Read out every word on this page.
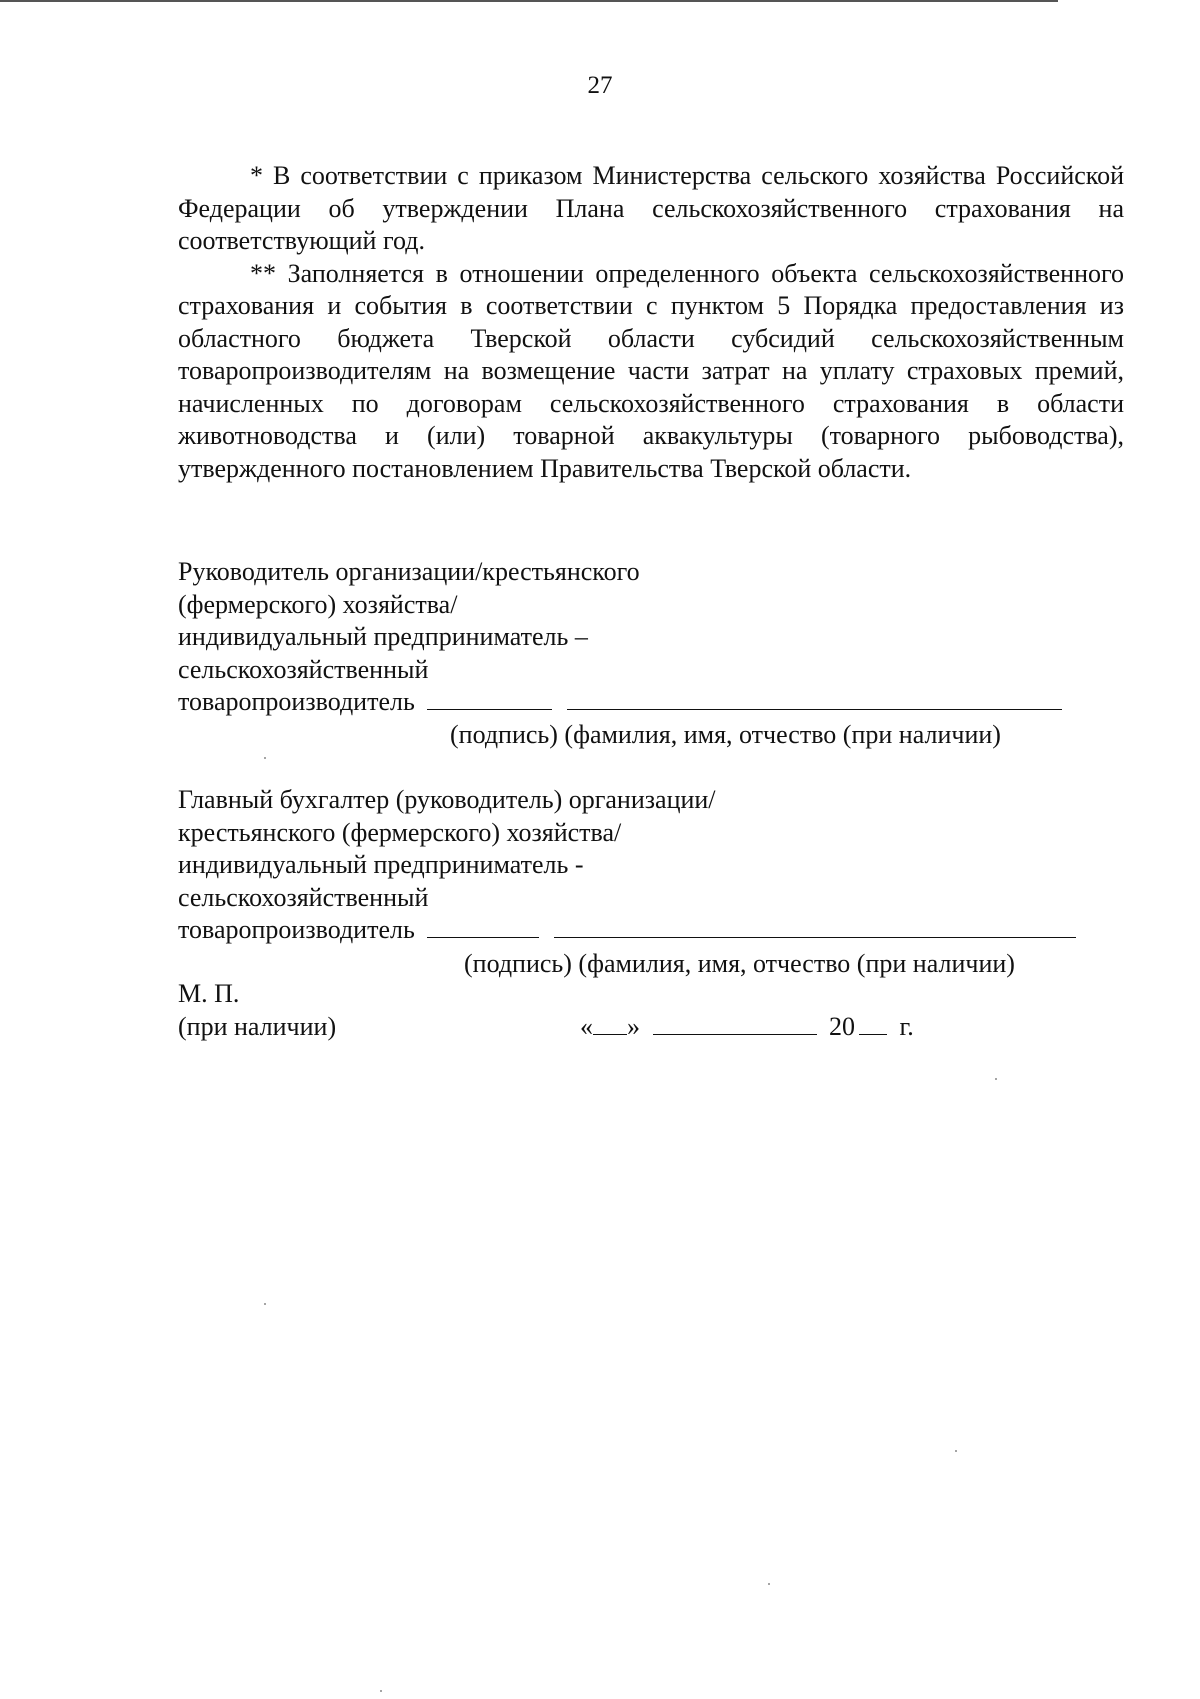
27

* В соответствии с приказом Министерства сельского хозяйства Российской Федерации об утверждении Плана сельскохозяйственного страхования на соответствующий год.

** Заполняется в отношении определенного объекта сельскохозяйственного страхования и события в соответствии с пунктом 5 Порядка предоставления из областного бюджета Тверской области субсидий сельскохозяйственным товаропроизводителям на возмещение части затрат на уплату страховых премий, начисленных по договорам сельскохозяйственного страхования в области животноводства и (или) товарной аквакультуры (товарного рыбоводства), утвержденного постановлением Правительства Тверской области.

Руководитель организации/крестьянского
(фермерского) хозяйства/
индивидуальный предприниматель –
сельскохозяйственный
товаропроизводитель
(подпись) (фамилия, имя, отчество (при наличии)
Главный бухгалтер (руководитель) организации/
крестьянского (фермерского) хозяйства/
индивидуальный предприниматель -
сельскохозяйственный
товаропроизводитель
(подпись) (фамилия, имя, отчество (при наличии)
М. П.
(при наличии)	« »	20 г.
